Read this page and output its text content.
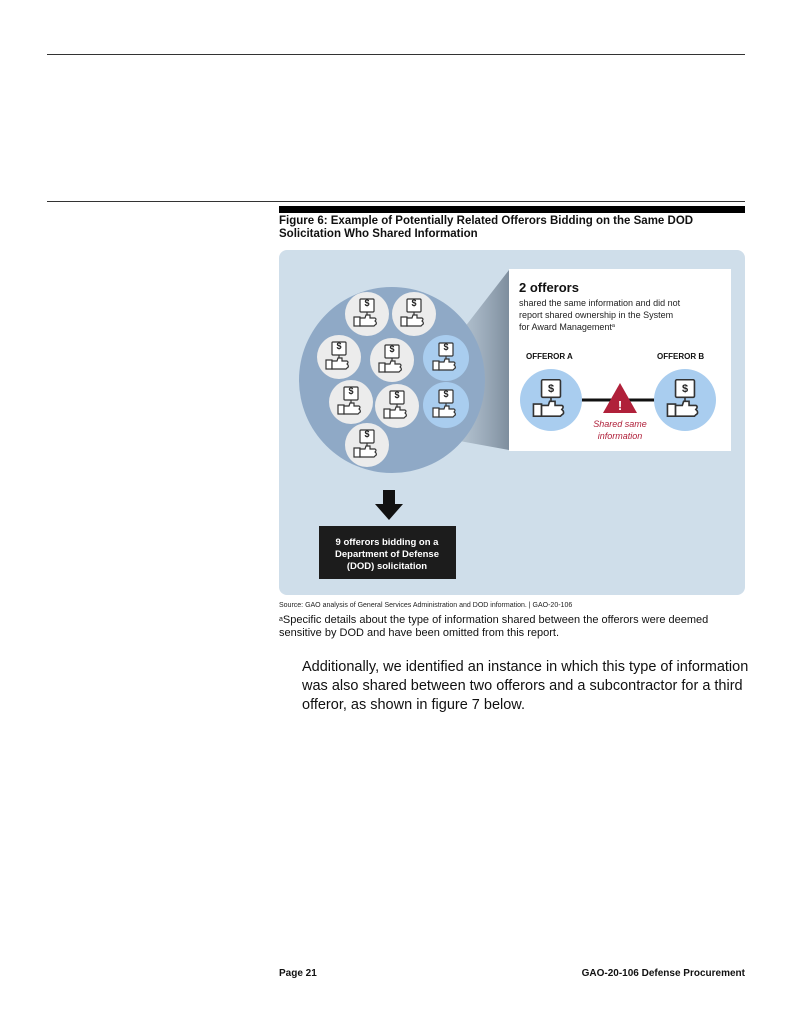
Figure 6: Example of Potentially Related Offerors Bidding on the Same DOD
Solicitation Who Shared Information
$	$
$	$
$	$
$
$
$
9 offerors bidding on a
Department of Defense
(DOD) solicitation
2 offerors
shared the same information and did not
report shared ownership in the System
for Award Management$^a$
OFFEROR A	OFFEROR B
$	$
!
Shared same
information
Source: GAO analysis of General Services Administration and DOD information. | GAO-20-106
$^a$Specific details about the type of information shared between the offerors were deemed sensitive by DOD and have been omitted from this report.
Additionally, we identified an instance in which this type of information was also shared between two offerors and a subcontractor for a third offeror, as shown in figure 7 below.
Page 21	GAO-20-106 Defense Procurement
